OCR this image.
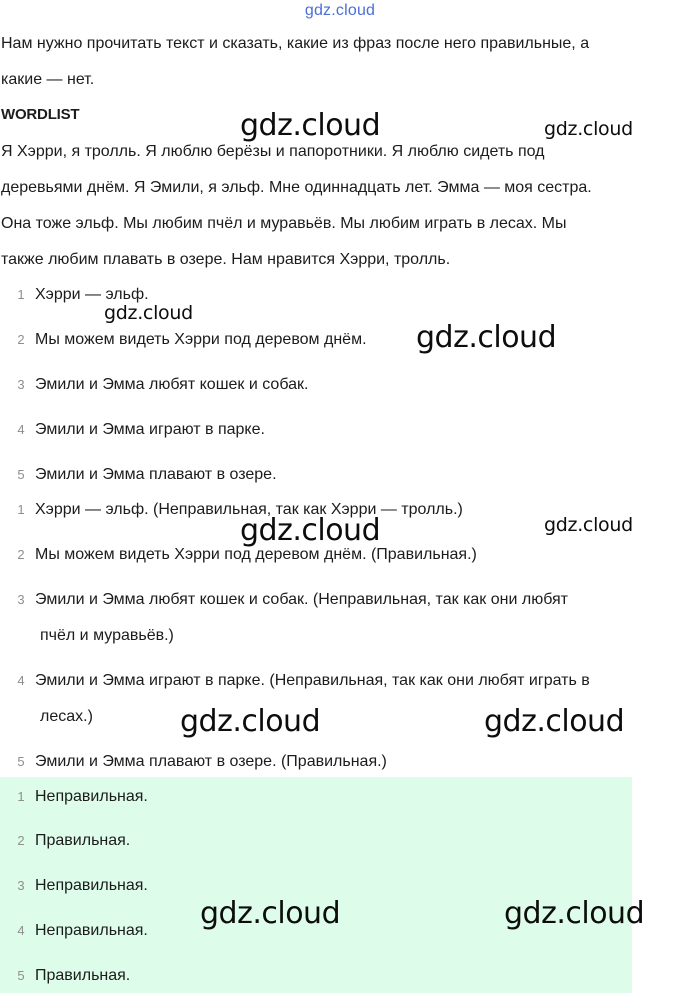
gdz.cloud
Нам нужно прочитать текст и сказать, какие из фраз после него правильные, а
какие — нет.
WORDLIST
Я Хэрри, я тролль. Я люблю берёзы и папоротники. Я люблю сидеть под
деревьями днём. Я Эмили, я эльф. Мне одиннадцать лет. Эмма — моя сестра.
Она тоже эльф. Мы любим пчёл и муравьёв. Мы любим играть в лесах. Мы
также любим плавать в озере. Нам нравится Хэрри, тролль.
1 Хэрри — эльф.
2 Мы можем видеть Хэрри под деревом днём.
3 Эмили и Эмма любят кошек и собак.
4 Эмили и Эмма играют в парке.
5 Эмили и Эмма плавают в озере.
1 Хэрри — эльф. (Неправильная, так как Хэрри — тролль.)
2 Мы можем видеть Хэрри под деревом днём. (Правильная.)
3 Эмили и Эмма любят кошек и собак. (Неправильная, так как они любят
пчёл и муравьёв.)
4 Эмили и Эмма играют в парке. (Неправильная, так как они любят играть в
лесах.)
5 Эмили и Эмма плавают в озере. (Правильная.)
1 Неправильная.
2 Правильная.
3 Неправильная.
4 Неправильная.
5 Правильная.
gdz.cloud	gdz.cloud
gdz.cloud
gdz.cloud
gdz.cloud	gdz.cloud
gdz.cloud	gdz.cloud
gdz.cloud	gdz.cloud
